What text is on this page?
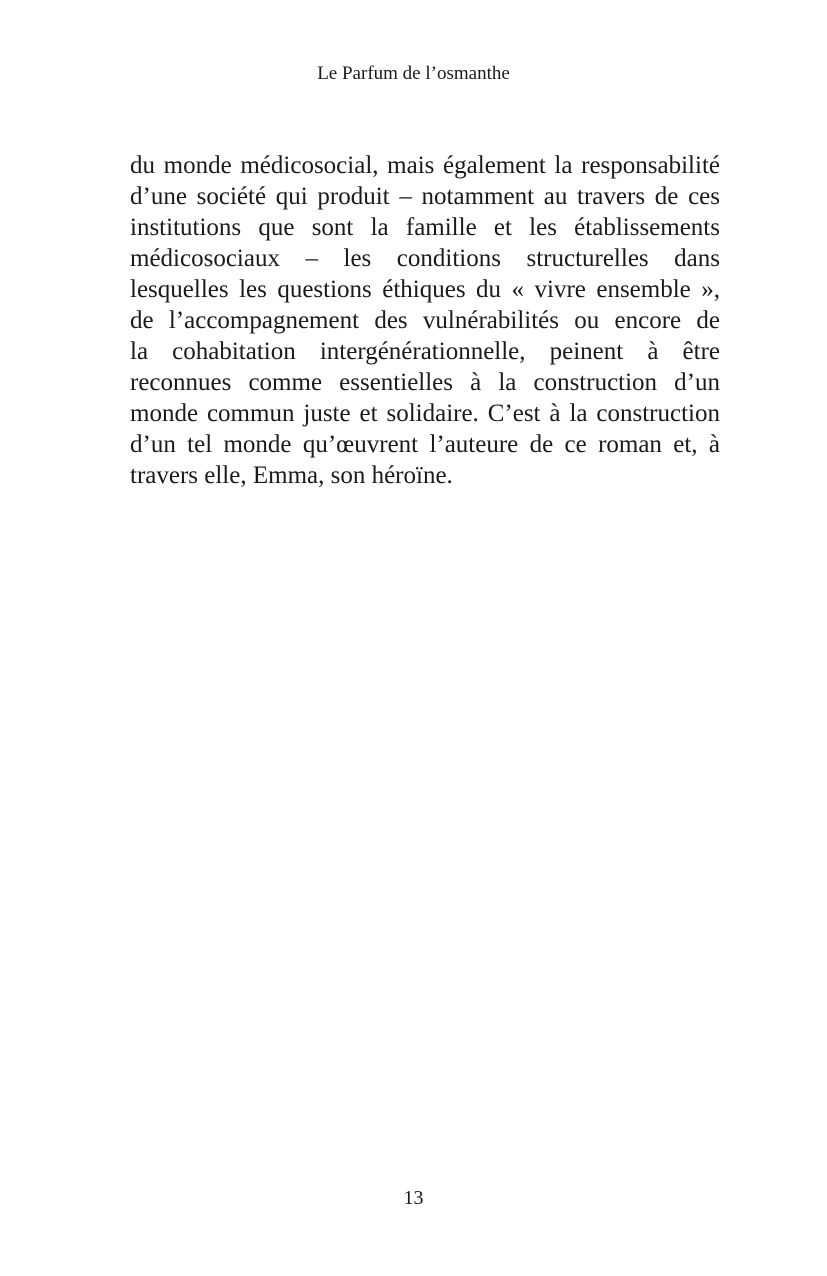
Le Parfum de l’osmanthe
du monde médicosocial, mais également la responsabilité
d’une société qui produit – notamment au travers de ces
institutions que sont la famille et les établissements
médicosociaux – les conditions structurelles dans
lesquelles les questions éthiques du « vivre ensemble »,
de l’accompagnement des vulnérabilités ou encore de
la cohabitation intergénérationnelle, peinent à être
reconnues comme essentielles à la construction d’un
monde commun juste et solidaire. C’est à la construction
d’un tel monde qu’œuvrent l’auteure de ce roman et, à
travers elle, Emma, son héroïne.
13
